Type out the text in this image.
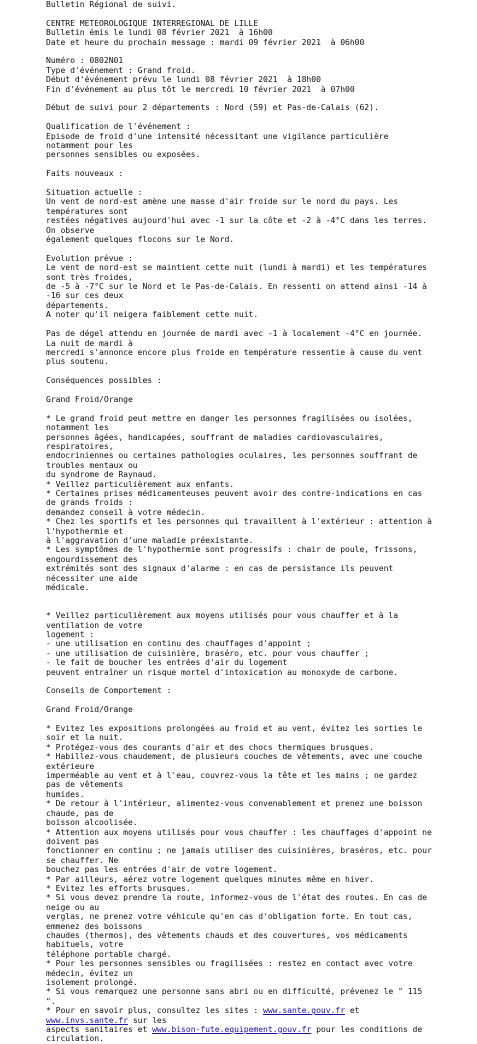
Bulletin Régional de suivi.
CENTRE METEOROLOGIQUE INTERREGIONAL DE LILLE
Bulletin émis le lundi 08 février 2021  à 16h00
Date et heure du prochain message : mardi 09 février 2021  à 06h00
Numéro : 0802N01
Type d'événement : Grand froid.
Début d'événement prévu le lundi 08 février 2021  à 18h00
Fin d'événement au plus tôt le mercredi 10 février 2021  à 07h00
Début de suivi pour 2 départements : Nord (59) et Pas-de-Calais (62).
Qualification de l'événement :
Episode de froid d'une intensité nécessitant une vigilance particulière
notamment pour les
personnes sensibles ou exposées.
Faits nouveaux :
Situation actuelle :
Un vent de nord-est amène une masse d'air froide sur le nord du pays. Les
températures sont
restées négatives aujourd'hui avec -1 sur la côte et -2 à -4°C dans les terres.
On observe
également quelques flocons sur le Nord.
Evolution prévue :
Le vent de nord-est se maintient cette nuit (lundi à mardi) et les températures
sont très froides,
de -5 à -7°C sur le Nord et le Pas-de-Calais. En ressenti on attend ainsi -14 à
-16 sur ces deux
départements.
A noter qu'il neigera faiblement cette nuit.
Pas de dégel attendu en journée de mardi avec -1 à localement -4°C en journée.
La nuit de mardi à
mercredi s'annonce encore plus froide en température ressentie à cause du vent
plus soutenu.
Conséquences possibles :
Grand Froid/Orange
* Le grand froid peut mettre en danger les personnes fragilisées ou isolées,
notamment les
personnes âgées, handicapées, souffrant de maladies cardiovasculaires,
respiratoires,
endocriniennes ou certaines pathologies oculaires, les personnes souffrant de
troubles mentaux ou
du syndrome de Raynaud.
* Veillez particulièrement aux enfants.
* Certaines prises médicamenteuses peuvent avoir des contre-indications en cas
de grands froids :
demandez conseil à votre médecin.
* Chez les sportifs et les personnes qui travaillent à l'extérieur : attention à
l'hypothermie et
à l'aggravation d'une maladie préexistante.
* Les symptômes de l'hypothermie sont progressifs : chair de poule, frissons,
engourdissement des
extrémités sont des signaux d'alarme : en cas de persistance ils peuvent
nécessiter une aide
médicale.
* Veillez particulièrement aux moyens utilisés pour vous chauffer et à la
ventilation de votre
logement :
- une utilisation en continu des chauffages d'appoint ;
- une utilisation de cuisinière, braséro, etc. pour vous chauffer ;
- le fait de boucher les entrées d'air du logement
peuvent entraîner un risque mortel d'intoxication au monoxyde de carbone.
Conseils de Comportement :
Grand Froid/Orange
* Evitez les expositions prolongées au froid et au vent, évitez les sorties le
soir et la nuit.
* Protégez-vous des courants d'air et des chocs thermiques brusques.
* Habillez-vous chaudement, de plusieurs couches de vêtements, avec une couche
extérieure
imperméable au vent et à l'eau, couvrez-vous la tête et les mains ; ne gardez
pas de vêtements
humides.
* De retour à l'intérieur, alimentez-vous convenablement et prenez une boisson
chaude, pas de
boisson alcoolisée.
* Attention aux moyens utilisés pour vous chauffer : les chauffages d'appoint ne
doivent pas
fonctionner en continu ; ne jamais utiliser des cuisinières, braséros, etc. pour
se chauffer. Ne
bouchez pas les entrées d'air de votre logement.
* Par ailleurs, aérez votre logement quelques minutes même en hiver.
* Evitez les efforts brusques.
* Si vous devez prendre la route, informez-vous de l'état des routes. En cas de
neige ou au
verglas, ne prenez votre véhicule qu'en cas d'obligation forte. En tout cas,
emmenez des boissons
chaudes (thermos), des vêtements chauds et des couvertures, vos médicaments
habituels, votre
téléphone portable chargé.
* Pour les personnes sensibles ou fragilisées : restez en contact avec votre
médecin, évitez un
isolement prolongé.
* Si vous remarquez une personne sans abri ou en difficulté, prévenez le " 115
".
* Pour en savoir plus, consultez les sites : www.sante.gouv.fr et
www.invs.sante.fr sur les
aspects sanitaires et www.bison-fute.equipement.gouv.fr pour les conditions de
circulation.
